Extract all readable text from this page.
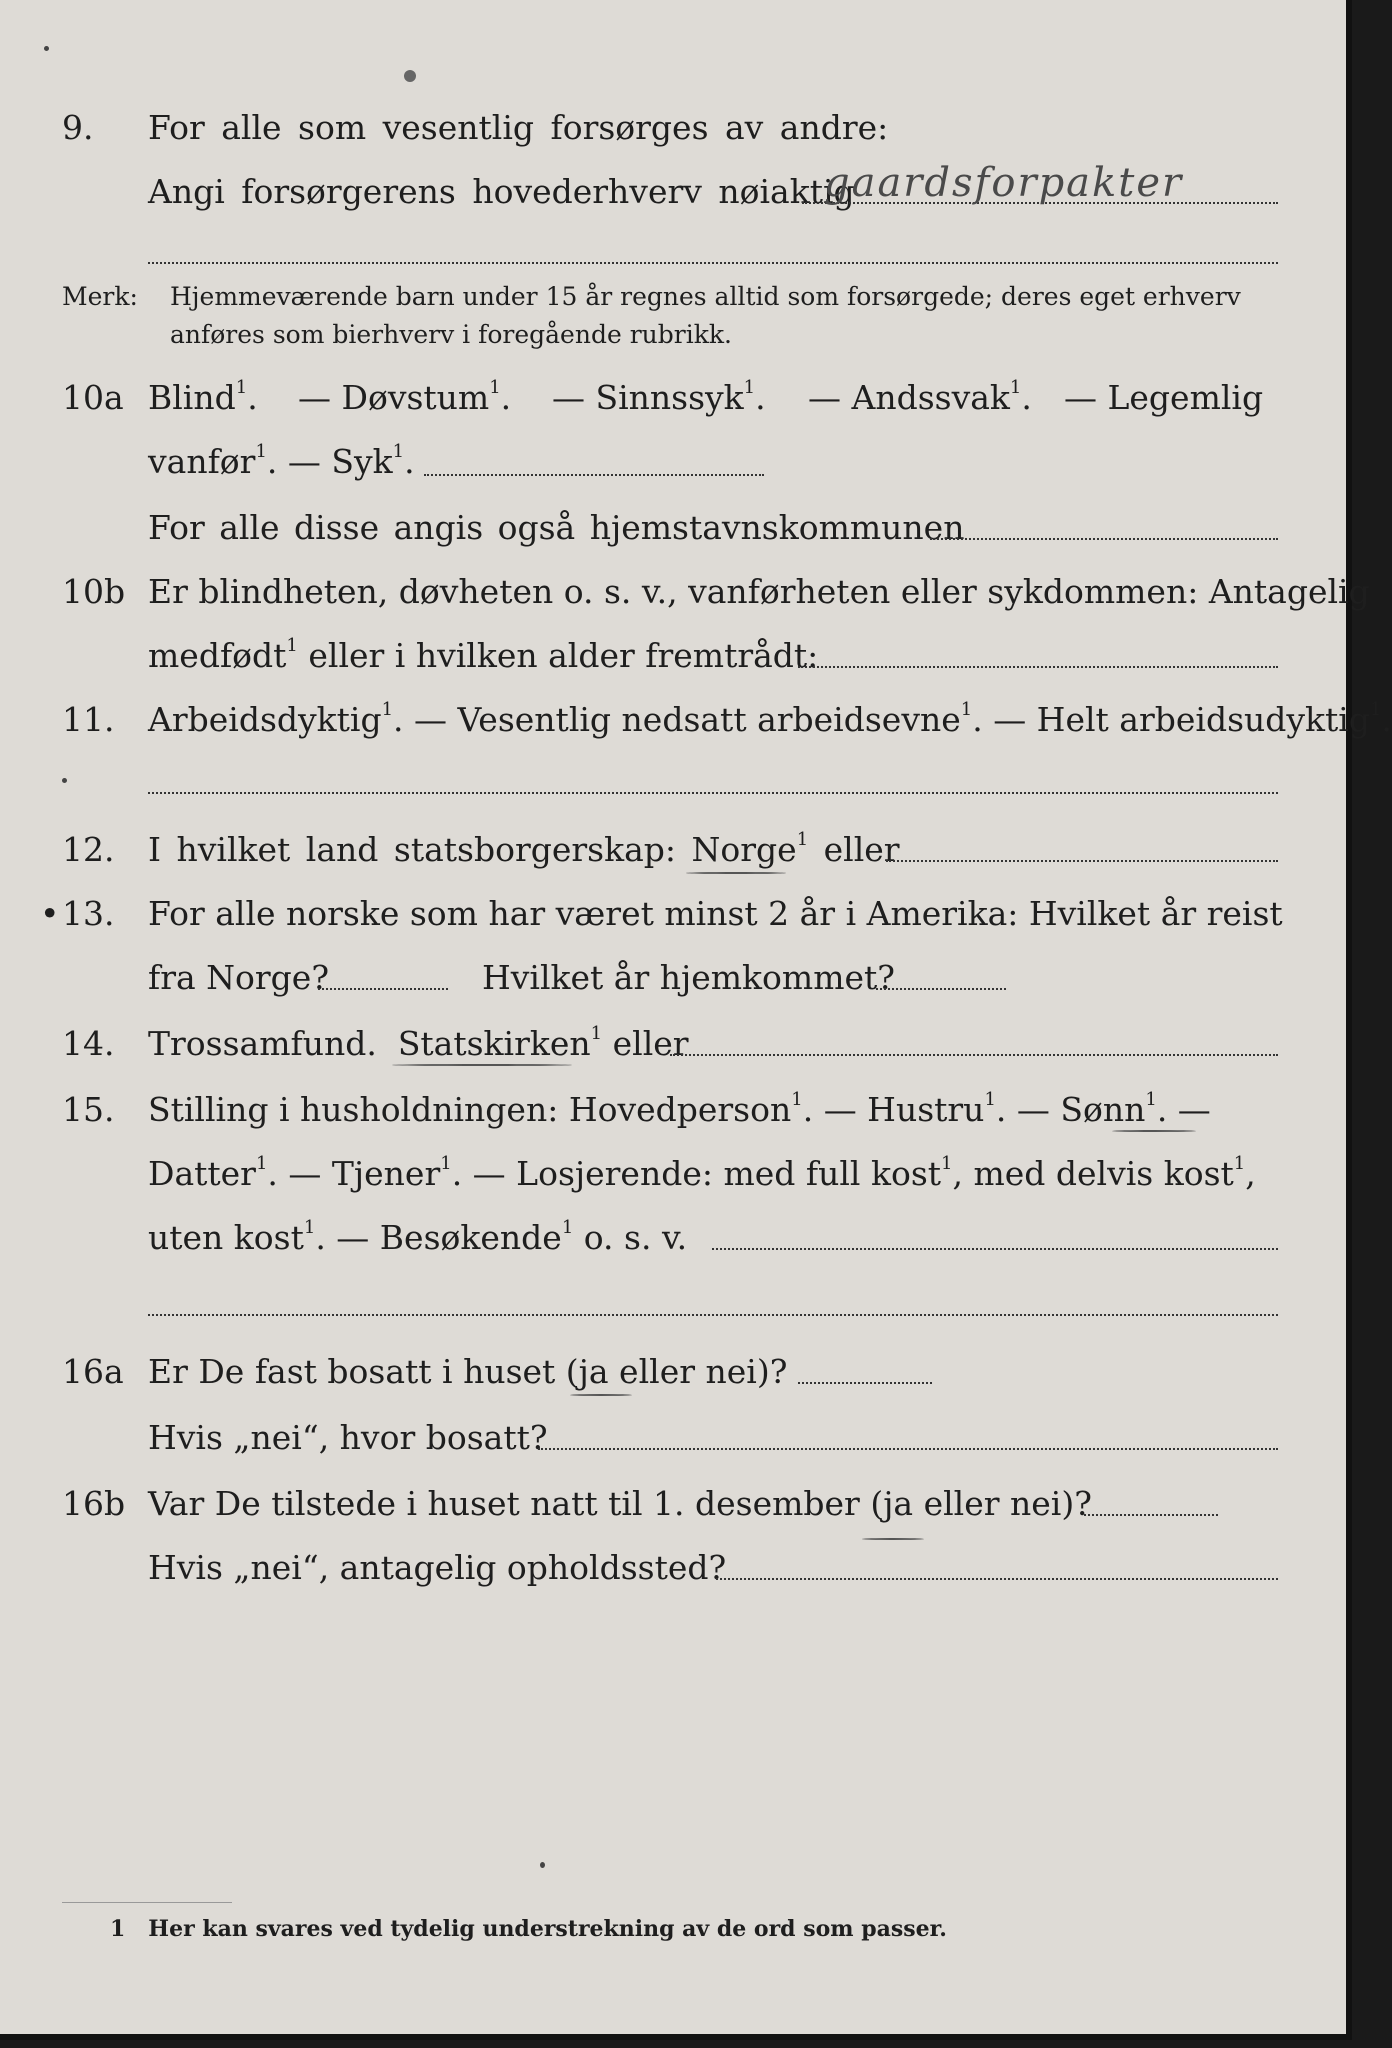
9. For alle som vesentlig forsørges av andre:
Angi forsørgerens hovederhverv nøiaktig
gaardsforpakter
Merk: Hjemmeværende barn under 15 år regnes alltid som forsørgede; deres eget erhverv
anføres som bierhverv i foregående rubrikk.
10a Blind$^1$. — Døvstum$^1$. — Sinnssyk$^1$. — Andssvak$^1$. — Legemlig
vanfør$^1$. — Syk$^1$.
For alle disse angis også hjemstavnskommunen
10b Er blindheten, døvheten o. s. v., vanførheten eller sykdommen: Antagelig
medfødt$^1$ eller i hvilken alder fremtrådt:
11. Arbeidsdyktig$^1$. — Vesentlig nedsatt arbeidsevne$^1$. — Helt arbeidsudyktig$^1$.
12. I hvilket land statsborgerskap: Norge$^1$ eller
• 13. For alle norske som har været minst 2 år i Amerika: Hvilket år reist
fra Norge?	Hvilket år hjemkommet?
14. Trossamfund. Statskirken$^1$ eller
15. Stilling i husholdningen: Hovedperson$^1$. — Hustru$^1$. — Sønn$^1$. —
Datter$^1$. — Tjener$^1$. — Losjerende: med full kost$^1$, med delvis kost$^1$,
uten kost$^1$. — Besøkende$^1$ o. s. v.
16a Er De fast bosatt i huset (ja eller nei)?
Hvis „nei“, hvor bosatt?
16b Var De tilstede i huset natt til 1. desember (ja eller nei)?
Hvis „nei“, antagelig opholdssted?
1 Her kan svares ved tydelig understrekning av de ord som passer.
